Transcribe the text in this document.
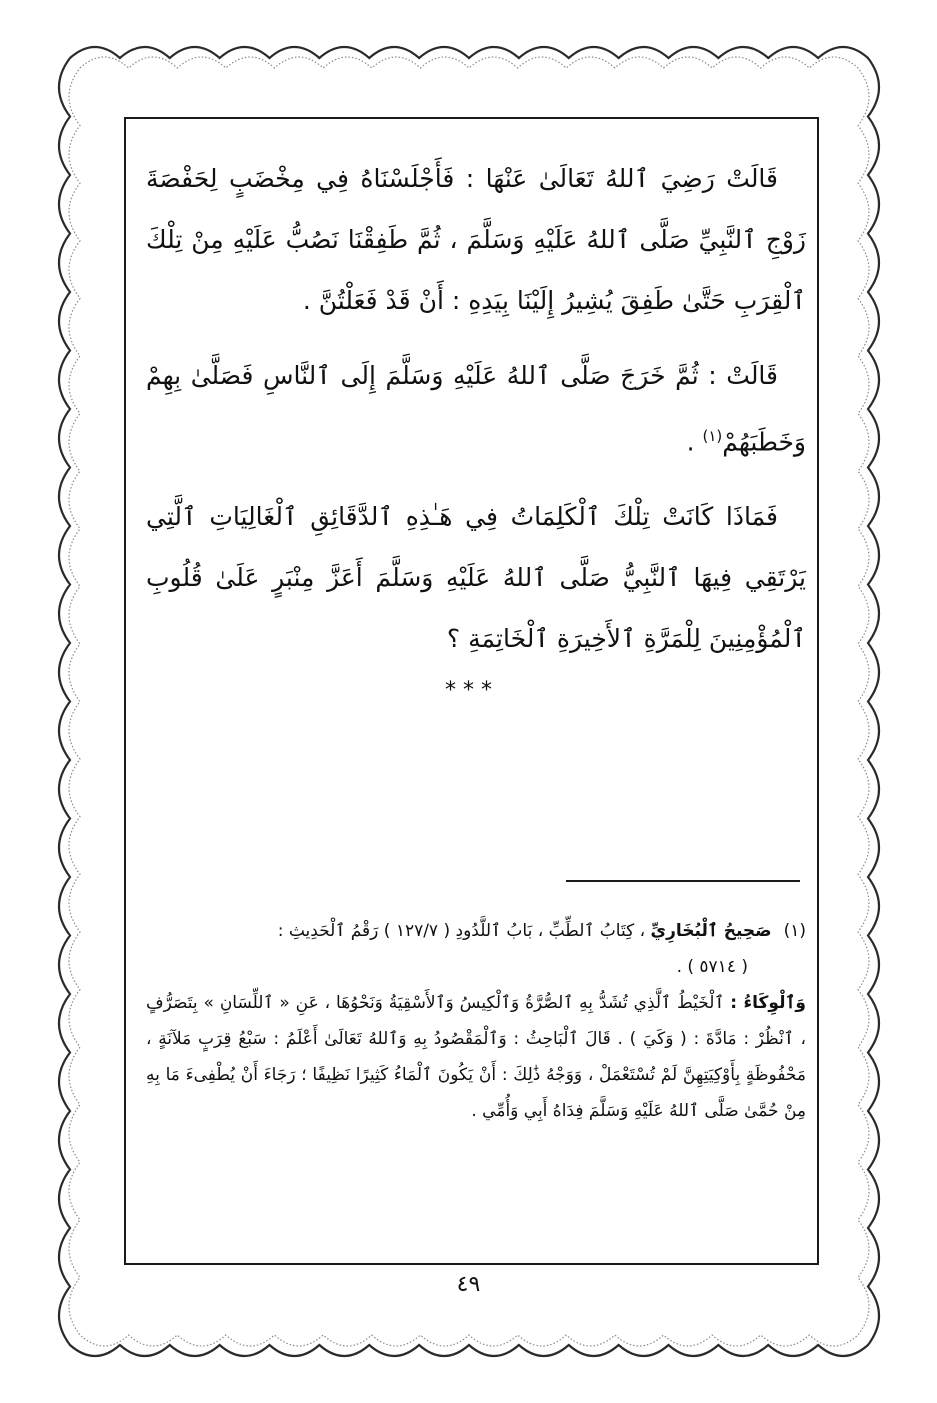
قَالَتْ رَضِيَ ٱللهُ تَعَالَىٰ عَنْهَا : فَأَجْلَسْنَاهُ فِي مِخْضَبٍ لِحَفْصَةَ زَوْجِ ٱلنَّبِيِّ صَلَّى ٱللهُ عَلَيْهِ وَسَلَّمَ ، ثُمَّ طَفِقْنَا نَصُبُّ عَلَيْهِ مِنْ تِلْكَ ٱلْقِرَبِ حَتَّىٰ طَفِقَ يُشِيرُ إِلَيْنَا بِيَدِهِ : أَنْ قَدْ فَعَلْتُنَّ .

قَالَتْ : ثُمَّ خَرَجَ صَلَّى ٱللهُ عَلَيْهِ وَسَلَّمَ إِلَى ٱلنَّاسِ فَصَلَّىٰ بِهِمْ وَخَطَبَهُمْ$^{(١)}$ .

فَمَاذَا كَانَتْ تِلْكَ ٱلْكَلِمَاتُ فِي هَـٰذِهِ ٱلدَّقَائِقِ ٱلْغَالِيَاتِ ٱلَّتِي يَرْتَقِي فِيهَا ٱلنَّبِيُّ صَلَّى ٱللهُ عَلَيْهِ وَسَلَّمَ أَعَزَّ مِنْبَرٍ عَلَىٰ قُلُوبِ ٱلْمُؤْمِنِينَ لِلْمَرَّةِ ٱلأَخِيرَةِ ٱلْخَاتِمَةِ ؟

* * *

(١)صَحِيحُ ٱلْبُخَارِيِّ ، كِتَابُ ٱلطِّبِّ ، بَابُ ٱللَّدُودِ ( ١٢٧/٧ ) رَقْمُ ٱلْحَدِيثِ :

( ٥٧١٤ ) .

وَٱلْوِكَاءُ : ٱلْخَيْطُ ٱلَّذِي تُشَدُّ بِهِ ٱلصُّرَّةُ وَٱلْكِيسُ وَٱلأَسْقِيَةُ وَنَحْوُهَا ، عَنِ « ٱللِّسَانِ » بِتَصَرُّفٍ ، ٱنْظُرْ : مَادَّةَ : ( وَكَيَ ) . قَالَ ٱلْبَاحِثُ : وَٱلْمَقْصُودُ بِهِ وَٱللهُ تَعَالَىٰ أَعْلَمُ : سَبْعُ قِرَبٍ مَلآنَةٍ ، مَحْفُوظَةٍ بِأَوْكِيَتِهِنَّ لَمْ تُسْتَعْمَلْ ، وَوَجْهُ ذَٰلِكَ : أَنْ يَكُونَ ٱلْمَاءُ كَثِيرًا نَظِيفًا ؛ رَجَاءَ أَنْ يُطْفِىءَ مَا بِهِ مِنْ حُمَّىٰ صَلَّى ٱللهُ عَلَيْهِ وَسَلَّمَ فِدَاهُ أَبِي وَأُمِّي .

٤٩
